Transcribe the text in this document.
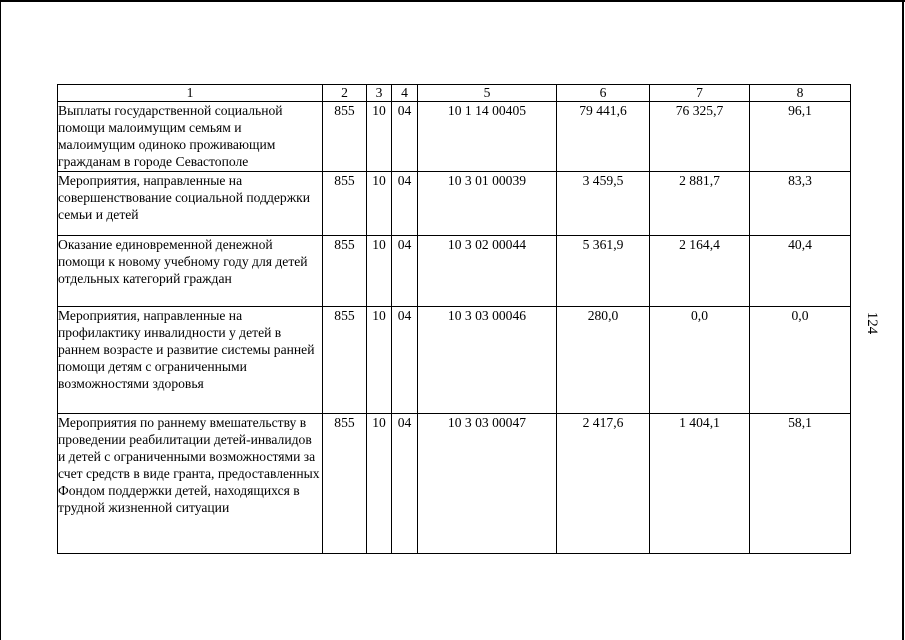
124
1	2	3	4	5	6	7	8
Выплаты государственной социальной помощи малоимущим семьям и малоимущим одиноко проживающим гражданам в городе Севастополе	855	10	04	10 1 14 00405	79 441,6	76 325,7	96,1
Мероприятия, направленные на совершенствование социальной поддержки семьи и детей	855	10	04	10 3 01 00039	3 459,5	2 881,7	83,3
Оказание единовременной денежной помощи к новому учебному году для детей отдельных категорий граждан	855	10	04	10 3 02 00044	5 361,9	2 164,4	40,4
Мероприятия, направленные на профилактику инвалидности у детей в раннем возрасте и развитие системы ранней помощи детям с ограниченными возможностями здоровья	855	10	04	10 3 03 00046	280,0	0,0	0,0
Мероприятия по раннему вмешательству в проведении реабилитации детей-инвалидов и детей с ограниченными возможностями за счет средств в виде гранта, предоставленных Фондом поддержки детей, находящихся в трудной жизненной ситуации	855	10	04	10 3 03 00047	2 417,6	1 404,1	58,1
